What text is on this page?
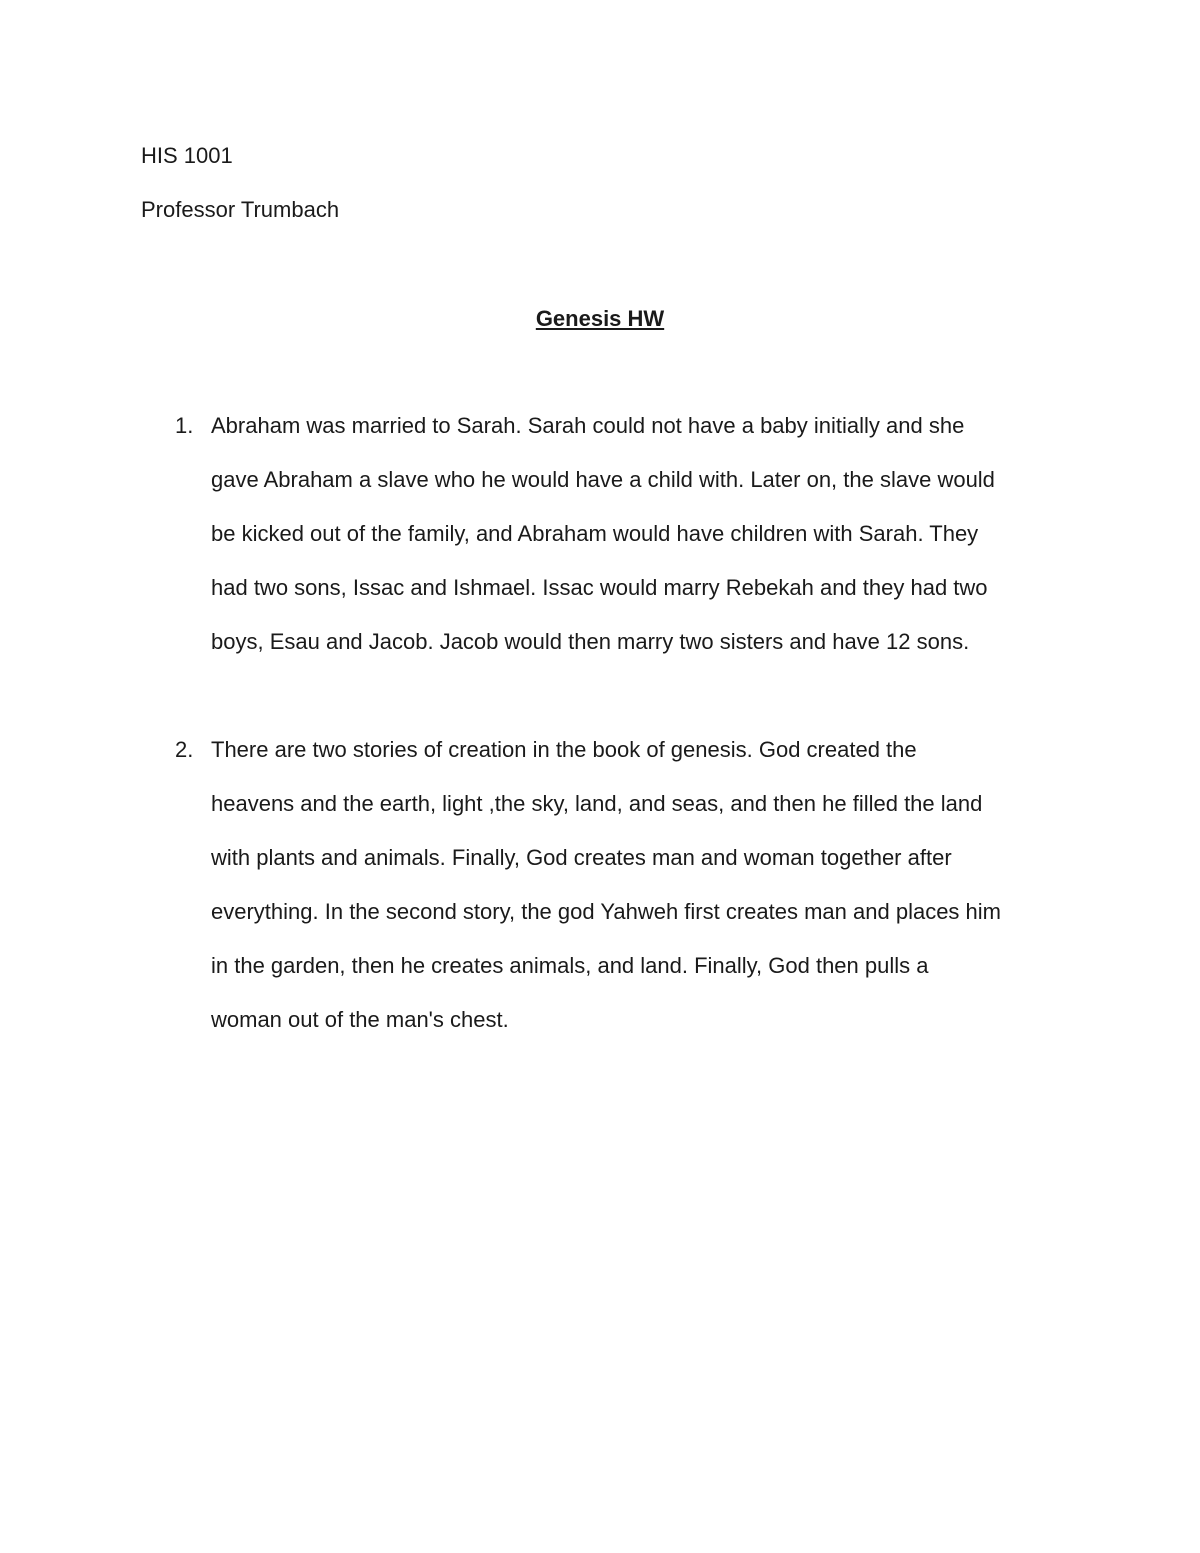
HIS 1001
Professor Trumbach
Genesis HW
1. Abraham was married to Sarah. Sarah could not have a baby initially and she
gave Abraham a slave who he would have a child with. Later on, the slave would
be kicked out of the family, and Abraham would have children with Sarah. They
had two sons, Issac and Ishmael. Issac would marry Rebekah and they had two
boys, Esau and Jacob. Jacob would then marry two sisters and have 12 sons.
2. There are two stories of creation in the book of genesis. God created the
heavens and the earth, light ,the sky, land, and seas, and then he filled the land
with plants and animals. Finally, God creates man and woman together after
everything. In the second story, the god Yahweh first creates man and places him
in the garden, then he creates animals, and land. Finally, God then pulls a
woman out of the man's chest.
